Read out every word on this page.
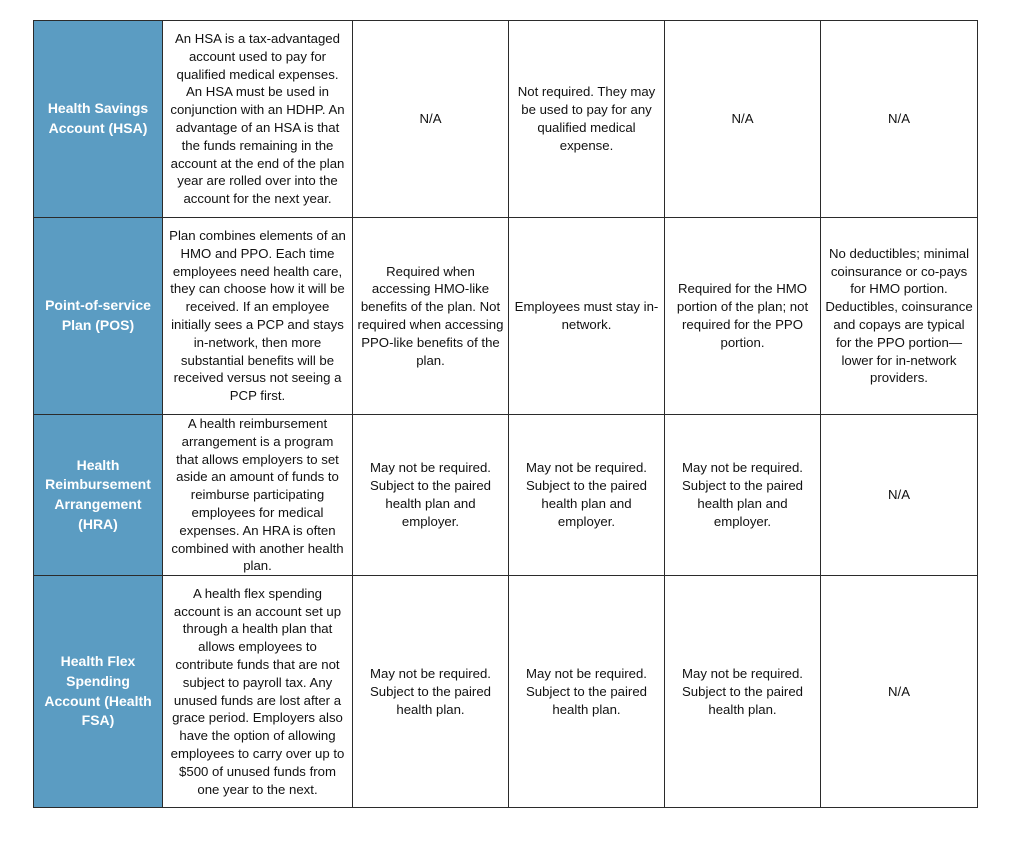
Health Savings Account (HSA)	An HSA is a tax-advantaged account used to pay for qualified medical expenses. An HSA must be used in conjunction with an HDHP. An advantage of an HSA is that the funds remaining in the account at the end of the plan year are rolled over into the account for the next year.	N/A	Not required. They may be used to pay for any qualified medical expense.	N/A	N/A
Point-of-service Plan (POS)	Plan combines elements of an HMO and PPO. Each time employees need health care, they can choose how it will be received. If an employee initially sees a PCP and stays in-network, then more substantial benefits will be received versus not seeing a PCP first.	Required when accessing HMO-like benefits of the plan. Not required when accessing PPO-like benefits of the plan.	Employees must stay in-network.	Required for the HMO portion of the plan; not required for the PPO portion.	No deductibles; minimal coinsurance or co-pays for HMO portion. Deductibles, coinsurance and copays are typical for the PPO portion—lower for in-network providers.
Health Reimbursement Arrangement (HRA)	A health reimbursement arrangement is a program that allows employers to set aside an amount of funds to reimburse participating employees for medical expenses. An HRA is often combined with another health plan.	May not be required. Subject to the paired health plan and employer.	May not be required. Subject to the paired health plan and employer.	May not be required. Subject to the paired health plan and employer.	N/A
Health Flex Spending Account (Health FSA)	A health flex spending account is an account set up through a health plan that allows employees to contribute funds that are not subject to payroll tax. Any unused funds are lost after a grace period. Employers also have the option of allowing employees to carry over up to $500 of unused funds from one year to the next.	May not be required. Subject to the paired health plan.	May not be required. Subject to the paired health plan.	May not be required. Subject to the paired health plan.	N/A
